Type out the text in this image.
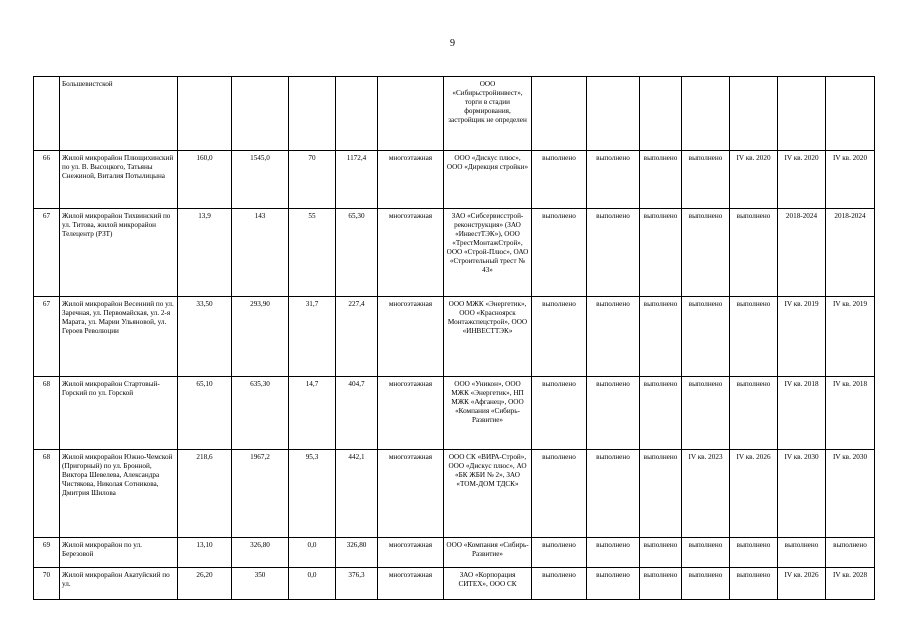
9
	Большевистской						ООО «Сибирьстройинвест», торги в стадии формирования, застройщик не определен							
66	Жилой микрорайон Плющихинский по ул. В. Высоцкого, Татьяны Снежиной, Виталия Потылицына	160,0	1545,0	70	1172,4	многоэтажная	ООО «Дискус плюс», ООО «Дирекция стройки»	выполнено	выполнено	выполнено	выполнено	IV кв. 2020	IV кв. 2020	IV кв. 2020
67	Жилой микрорайон Тихвинский по ул. Титова, жилой микрорайон Телецентр (РЗТ)	13,9	143	55	65,30	многоэтажная	ЗАО «Сибсервисстрой-реконструкция» (ЗАО «ИнвестТЭК»), ООО «ТрестМонтажСтрой», ООО «Строй-Плюс», ОАО «Строительный трест № 43»	выполнено	выполнено	выполнено	выполнено	выполнено	2018-2024	2018-2024
67	Жилой микрорайон Весенний по ул. Заречная, ул. Первомайская, ул. 2-я Марата, ул. Марии Ульяновой, ул. Героев Революции	33,50	293,90	31,7	227,4	многоэтажная	ООО МЖК «Энергетик», ООО «Красноярск Монтажспецстрой», ООО «ИНВЕСТТЭК»	выполнено	выполнено	выполнено	выполнено	выполнено	IV кв. 2019	IV кв. 2019
68	Жилой микрорайон Стартовый-Горский по ул. Горской	65,10	635,30	14,7	404,7	многоэтажная	ООО «Уникон», ООО МЖК «Энергетик», НП МЖК «Афганец», ООО «Компания «Сибирь-Развитие»	выполнено	выполнено	выполнено	выполнено	выполнено	IV кв. 2018	IV кв. 2018
68	Жилой микрорайон Южно-Чемской (Пригорный) по ул. Бронной, Виктора Шевелева, Александра Чистякова, Николая Сотникова, Дмитрия Шилова	218,6	1967,2	95,3	442,1	многоэтажная	ООО СК «ВИРА-Строй», ООО «Дискус плюс», АО «БК ЖБИ № 2», ЗАО «ТОМ-ДОМ ТДСК»	выполнено	выполнено	выполнено	IV кв. 2023	IV кв. 2026	IV кв. 2030	IV кв. 2030
69	Жилой микрорайон по ул. Березовой	13,10	326,80	0,0	326,80	многоэтажная	ООО «Компания «Сибирь-Развитие»	выполнено	выполнено	выполнено	выполнено	выполнено	выполнено	выполнено
70	Жилой микрорайон Акатуйский по ул.	26,20	350	0,0	376,3	многоэтажная	ЗАО «Корпорация СИТЕХ», ООО СК	выполнено	выполнено	выполнено	выполнено	выполнено	IV кв. 2026	IV кв. 2028
